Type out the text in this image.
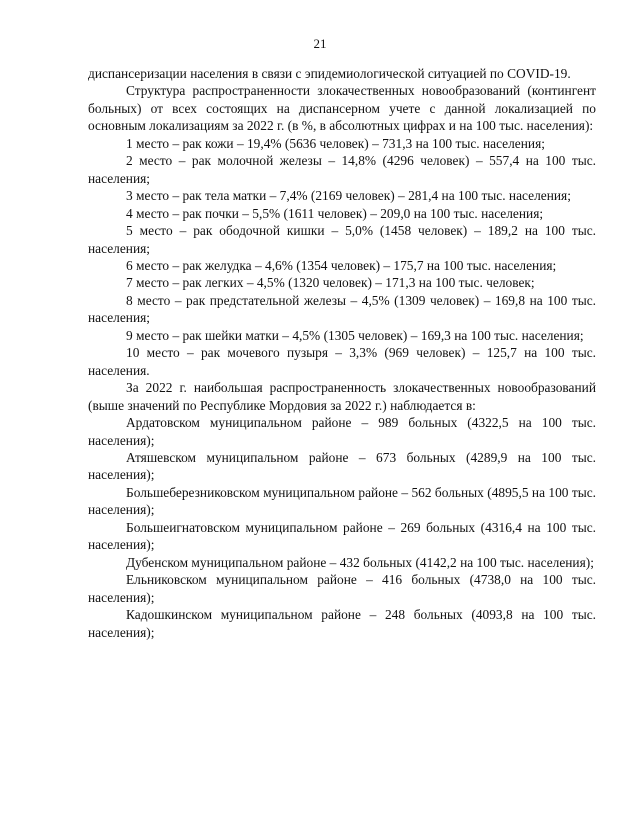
21

диспансеризации населения в связи с эпидемиологической ситуацией по COVID-19.

Структура распространенности злокачественных новообразований (контингент больных) от всех состоящих на диспансерном учете с данной локализацией по основным локализациям за 2022 г. (в %, в абсолютных цифрах и на 100 тыс. населения):

1 место – рак кожи – 19,4% (5636 человек) – 731,3 на 100 тыс. населения;

2 место – рак молочной железы – 14,8% (4296 человек) – 557,4 на 100 тыс. населения;

3 место – рак тела матки – 7,4% (2169 человек) – 281,4 на 100 тыс. населения;

4 место – рак почки – 5,5% (1611 человек) – 209,0 на 100 тыс. населения;

5 место – рак ободочной кишки – 5,0% (1458 человек) – 189,2 на 100 тыс. населения;

6 место – рак желудка – 4,6% (1354 человек) – 175,7 на 100 тыс. населения;

7 место – рак легких – 4,5% (1320 человек) – 171,3 на 100 тыс. человек;

8 место – рак предстательной железы – 4,5% (1309 человек) – 169,8 на 100 тыс. населения;

9 место – рак шейки матки – 4,5% (1305 человек) – 169,3 на 100 тыс. населения;

10 место – рак мочевого пузыря – 3,3% (969 человек) – 125,7 на 100 тыс. населения.

За 2022 г. наибольшая распространенность злокачественных новообразований (выше значений по Республике Мордовия за 2022 г.) наблюдается в:

Ардатовском муниципальном районе – 989 больных (4322,5 на 100 тыс. населения);

Атяшевском муниципальном районе – 673 больных (4289,9 на 100 тыс. населения);

Большеберезниковском муниципальном районе – 562 больных (4895,5 на 100 тыс. населения);

Большеигнатовском муниципальном районе – 269 больных (4316,4 на 100 тыс. населения);

Дубенском муниципальном районе – 432 больных (4142,2 на 100 тыс. населения);

Ельниковском муниципальном районе – 416 больных (4738,0 на 100 тыс. населения);

Кадошкинском муниципальном районе – 248 больных (4093,8 на 100 тыс. населения);
